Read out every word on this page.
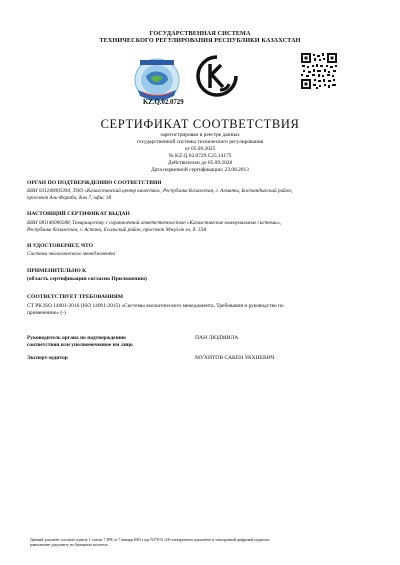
ГОСУДАРСТВЕННАЯ СИСТЕМА
ТЕХНИЧЕСКОГО РЕГУЛИРОВАНИЯ РЕСПУБЛИКИ КАЗАХСТАН
KZ.Q.02.0729
СЕРТИФИКАТ СООТВЕТСТВИЯ
зарегистрирован в реестре данных
государственной системы технического регулирования
от 05.09.2025
№ KZ.Q.02.0729.С25.14175
Действителен до 05.09.2028
Дата первичной сертификации: 23.08.2013
ОРГАН ПО ПОДТВЕРЖДЕНИЮ СООТВЕТСТВИЯ
БИН 031240005394, ТОО «Казахстанский центр качества», Республика Казахстан, г. Алматы, Бостандыкский район,
проспект Аль-Фараби, дом 7, офис 18
НАСТОЯЩИЙ СЕРТИФИКАТ ВЫДАН
БИН 081140000288, Товариществу с ограниченной ответственностью «Казахстанские коммунальные системы»,
Республика Казахстан, г. Астана, Есильский район, проспект Мэңгілік ел, д. 33А
И УДОСТОВЕРЯЕТ, ЧТО
Система экологического менеджмента
ПРИМЕНИТЕЛЬНО К
(область сертификации согласно Приложению)
СООТВЕТСТВУЕТ ТРЕБОВАНИЯМ
СТ РК ISO 14001-2016 (ISO 14001:2015) «Системы экологического менеджмента. Требования и руководство по
применению» (-)
Руководитель органа по подтверждению
соответствия или уполномоченное им лицо
ПАН ЛЮДМИЛА
Эксперт-аудитор	МУХИТОВ САКЕН УАХИЕВИЧ
Данный документ согласно пункту 1 статьи 7 ЗРК от 7 января 2003 года N370-II «Об электронном документе и электронной цифровой подписи»
равнозначен документу на бумажном носителе.
